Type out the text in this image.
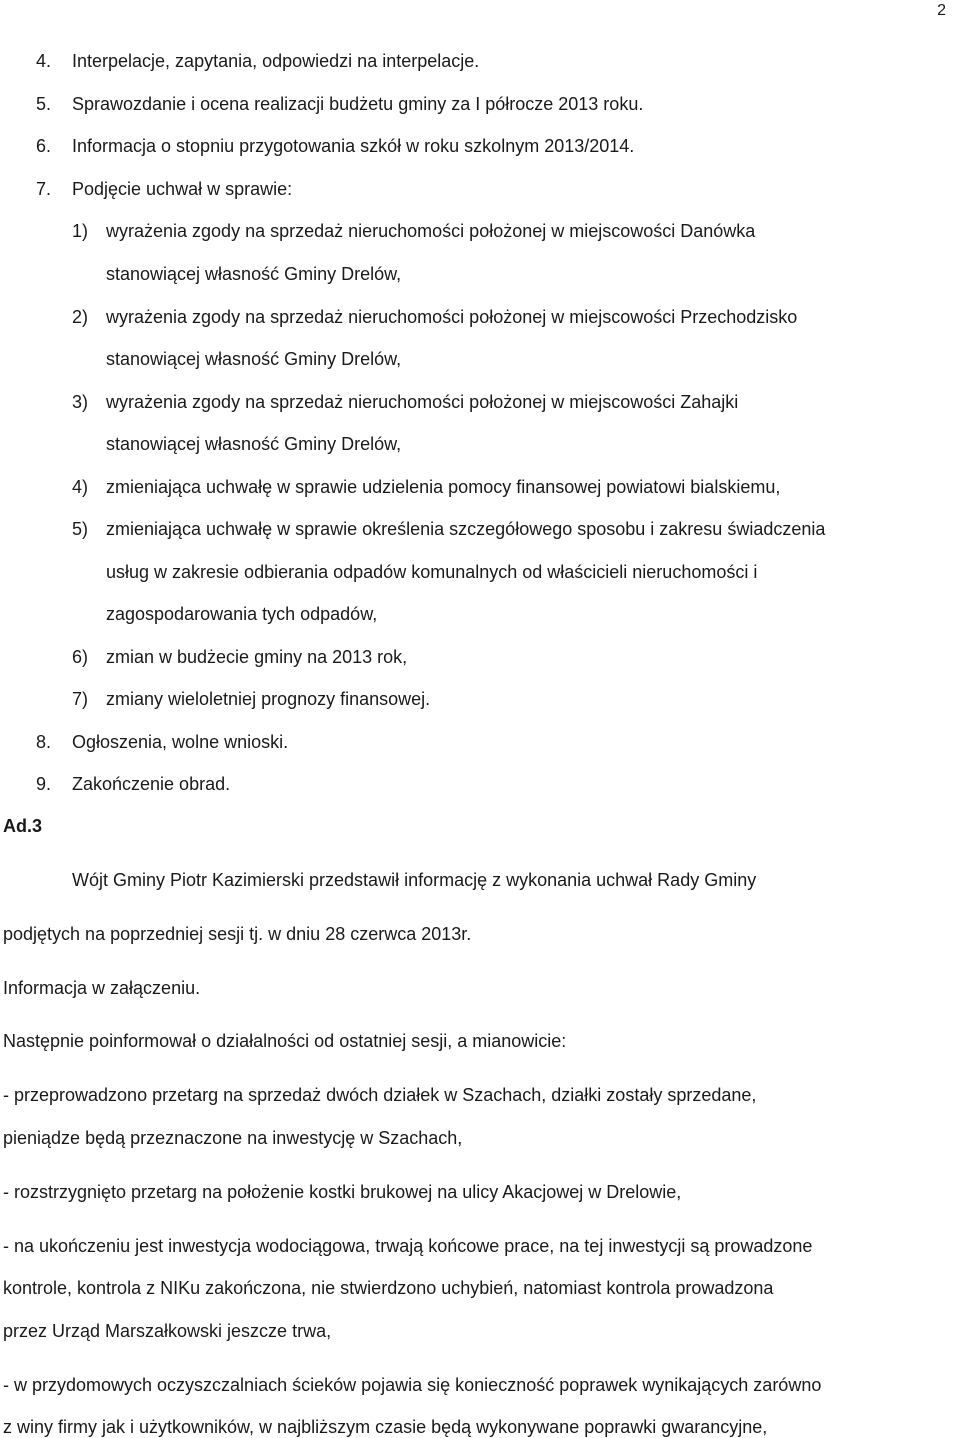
2
4. Interpelacje, zapytania, odpowiedzi na interpelacje.
5. Sprawozdanie i ocena realizacji budżetu gminy za I półrocze 2013 roku.
6. Informacja o stopniu przygotowania szkół w roku szkolnym 2013/2014.
7. Podjęcie uchwał w sprawie:
1) wyrażenia zgody na sprzedaż nieruchomości położonej w miejscowości Danówka
stanowiącej własność Gminy Drelów,
2) wyrażenia zgody na sprzedaż nieruchomości położonej w miejscowości Przechodzisko
stanowiącej własność Gminy Drelów,
3) wyrażenia zgody na sprzedaż nieruchomości położonej w miejscowości Zahajki
stanowiącej własność Gminy Drelów,
4) zmieniająca uchwałę w sprawie udzielenia pomocy finansowej powiatowi bialskiemu,
5) zmieniająca uchwałę w sprawie określenia szczegółowego sposobu i zakresu świadczenia
usług w zakresie odbierania odpadów komunalnych od właścicieli nieruchomości i
zagospodarowania tych odpadów,
6) zmian w budżecie gminy na 2013 rok,
7) zmiany wieloletniej prognozy finansowej.
8. Ogłoszenia, wolne wnioski.
9. Zakończenie obrad.
Ad.3
Wójt Gminy Piotr Kazimierski przedstawił informację z wykonania uchwał Rady Gminy
podjętych na poprzedniej sesji tj. w dniu 28 czerwca 2013r.
Informacja w załączeniu.
Następnie poinformował o działalności od ostatniej sesji, a mianowicie:
- przeprowadzono przetarg na sprzedaż dwóch działek w Szachach, działki zostały sprzedane,
pieniądze będą przeznaczone na inwestycję w Szachach,
- rozstrzygnięto przetarg na położenie kostki brukowej na ulicy Akacjowej w Drelowie,
- na ukończeniu jest inwestycja wodociągowa, trwają końcowe prace, na tej inwestycji są prowadzone
kontrole, kontrola z NIKu zakończona, nie stwierdzono uchybień, natomiast kontrola prowadzona
przez Urząd Marszałkowski jeszcze trwa,
- w przydomowych oczyszczalniach ścieków pojawia się konieczność poprawek wynikających zarówno
z winy firmy jak i użytkowników, w najbliższym czasie będą wykonywane poprawki gwarancyjne,
